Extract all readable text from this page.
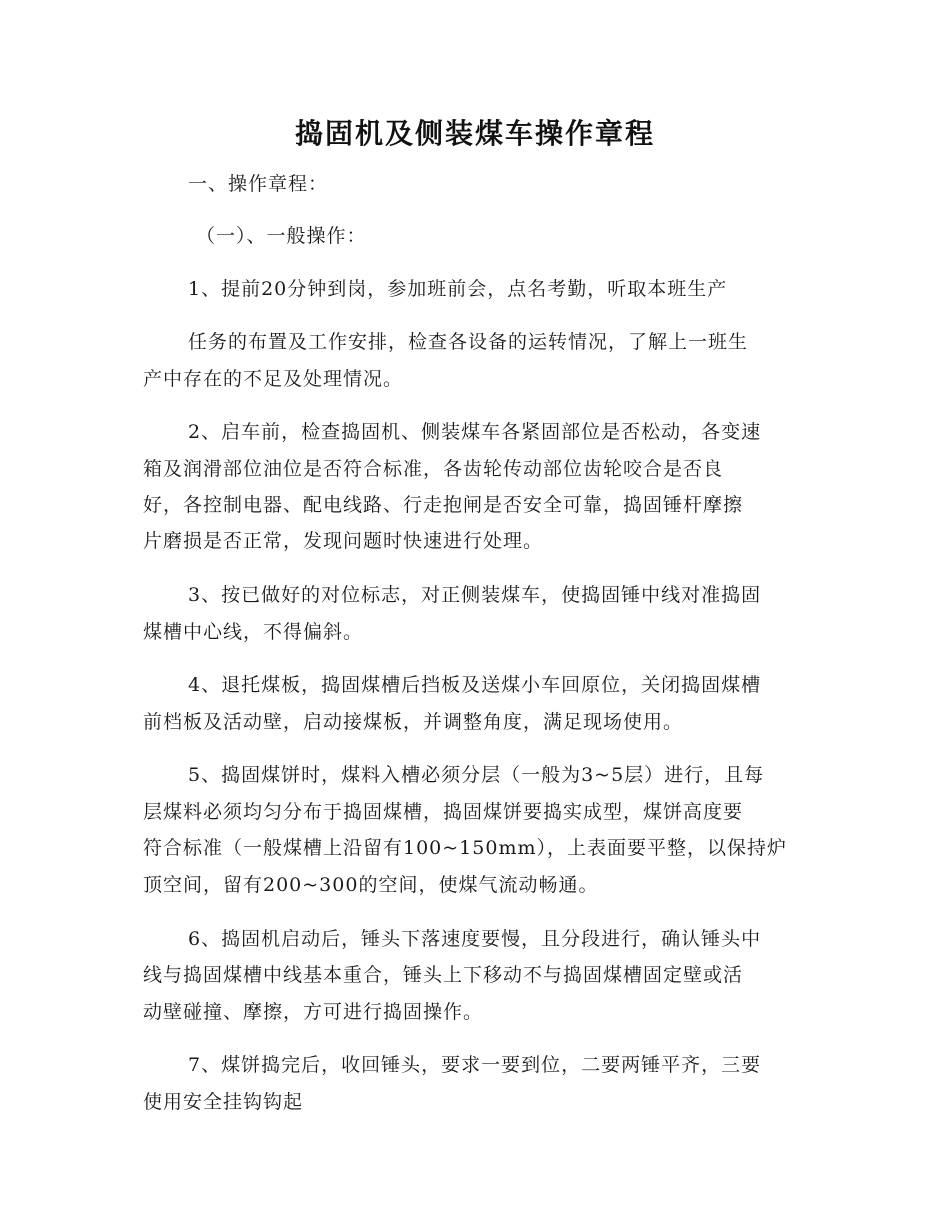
捣固机及侧装煤车操作章程
一、操作章程：
（一）、一般操作：
1、提前20分钟到岗，参加班前会，点名考勤，听取本班生产
任务的布置及工作安排，检查各设备的运转情况，了解上一班生
产中存在的不足及处理情况。
2、启车前，检查捣固机、侧装煤车各紧固部位是否松动，各变速
箱及润滑部位油位是否符合标准，各齿轮传动部位齿轮咬合是否良
好，各控制电器、配电线路、行走抱闸是否安全可靠，捣固锤杆摩擦
片磨损是否正常，发现问题时快速进行处理。
3、按已做好的对位标志，对正侧装煤车，使捣固锤中线对准捣固
煤槽中心线，不得偏斜。
4、退托煤板，捣固煤槽后挡板及送煤小车回原位，关闭捣固煤槽
前档板及活动壁，启动接煤板，并调整角度，满足现场使用。
5、捣固煤饼时，煤料入槽必须分层（一般为3~5层）进行，且每
层煤料必须均匀分布于捣固煤槽，捣固煤饼要捣实成型，煤饼高度要
符合标准（一般煤槽上沿留有100~150mm），上表面要平整，以保持炉
顶空间，留有200~300的空间，使煤气流动畅通。
6、捣固机启动后，锤头下落速度要慢，且分段进行，确认锤头中
线与捣固煤槽中线基本重合，锤头上下移动不与捣固煤槽固定壁或活
动壁碰撞、摩擦，方可进行捣固操作。
7、煤饼捣完后，收回锤头，要求一要到位，二要两锤平齐，三要
使用安全挂钩钩起
